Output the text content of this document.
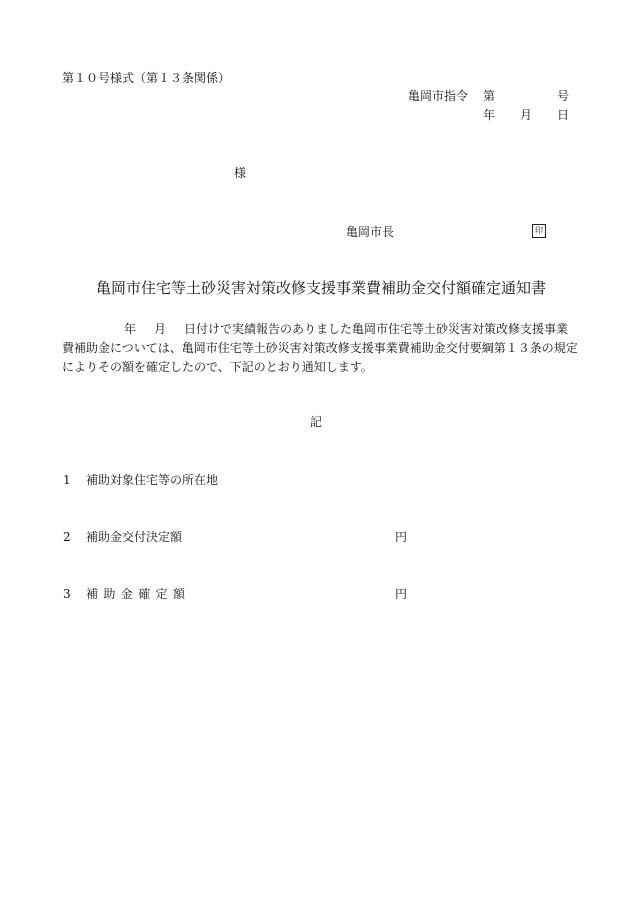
第１０号様式（第１３条関係）
亀岡市指令 第	号
年 月 日
様
亀岡市長	印
亀岡市住宅等土砂災害対策改修支援事業費補助金交付額確定通知書
年 月 日付けで実績報告のありました亀岡市住宅等土砂災害対策改修支援事業費補助金については、亀岡市住宅等土砂災害対策改修支援事業費補助金交付要綱第１３条の規定によりその額を確定したので、下記のとおり通知します。
記
1 補助対象住宅等の所在地
2 補助金交付決定額	円
3 補助金確定額	円
